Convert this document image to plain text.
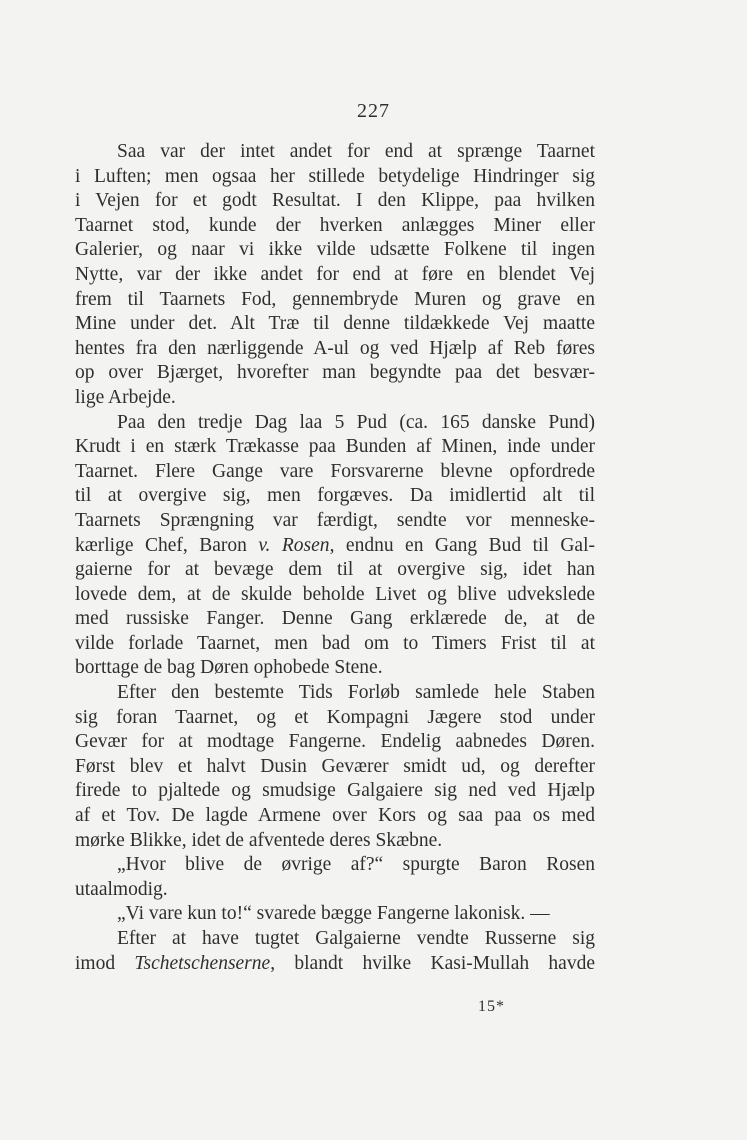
227
Saa var der intet andet for end at sprænge Taarnet
i Luften; men ogsaa her stillede betydelige Hindringer sig
i Vejen for et godt Resultat. I den Klippe, paa hvilken
Taarnet stod, kunde der hverken anlægges Miner eller
Galerier, og naar vi ikke vilde udsætte Folkene til ingen
Nytte, var der ikke andet for end at føre en blendet Vej
frem til Taarnets Fod, gennembryde Muren og grave en
Mine under det. Alt Træ til denne tildækkede Vej maatte
hentes fra den nærliggende A-ul og ved Hjælp af Reb føres
op over Bjærget, hvorefter man begyndte paa det besvær-
lige Arbejde.
Paa den tredje Dag laa 5 Pud (ca. 165 danske Pund)
Krudt i en stærk Trækasse paa Bunden af Minen, inde under
Taarnet. Flere Gange vare Forsvarerne blevne opfordrede
til at overgive sig, men forgæves. Da imidlertid alt til
Taarnets Sprængning var færdigt, sendte vor menneske-
kærlige Chef, Baron v. Rosen, endnu en Gang Bud til Gal-
gaierne for at bevæge dem til at overgive sig, idet han
lovede dem, at de skulde beholde Livet og blive udvekslede
med russiske Fanger. Denne Gang erklærede de, at de
vilde forlade Taarnet, men bad om to Timers Frist til at
borttage de bag Døren ophobede Stene.
Efter den bestemte Tids Forløb samlede hele Staben
sig foran Taarnet, og et Kompagni Jægere stod under
Gevær for at modtage Fangerne. Endelig aabnedes Døren.
Først blev et halvt Dusin Geværer smidt ud, og derefter
firede to pjaltede og smudsige Galgaiere sig ned ved Hjælp
af et Tov. De lagde Armene over Kors og saa paa os med
mørke Blikke, idet de afventede deres Skæbne.
„Hvor blive de øvrige af?“ spurgte Baron Rosen
utaalmodig.
„Vi vare kun to!“ svarede bægge Fangerne lakonisk. —
Efter at have tugtet Galgaierne vendte Russerne sig
imod Tschetschenserne, blandt hvilke Kasi-Mullah havde
15*
